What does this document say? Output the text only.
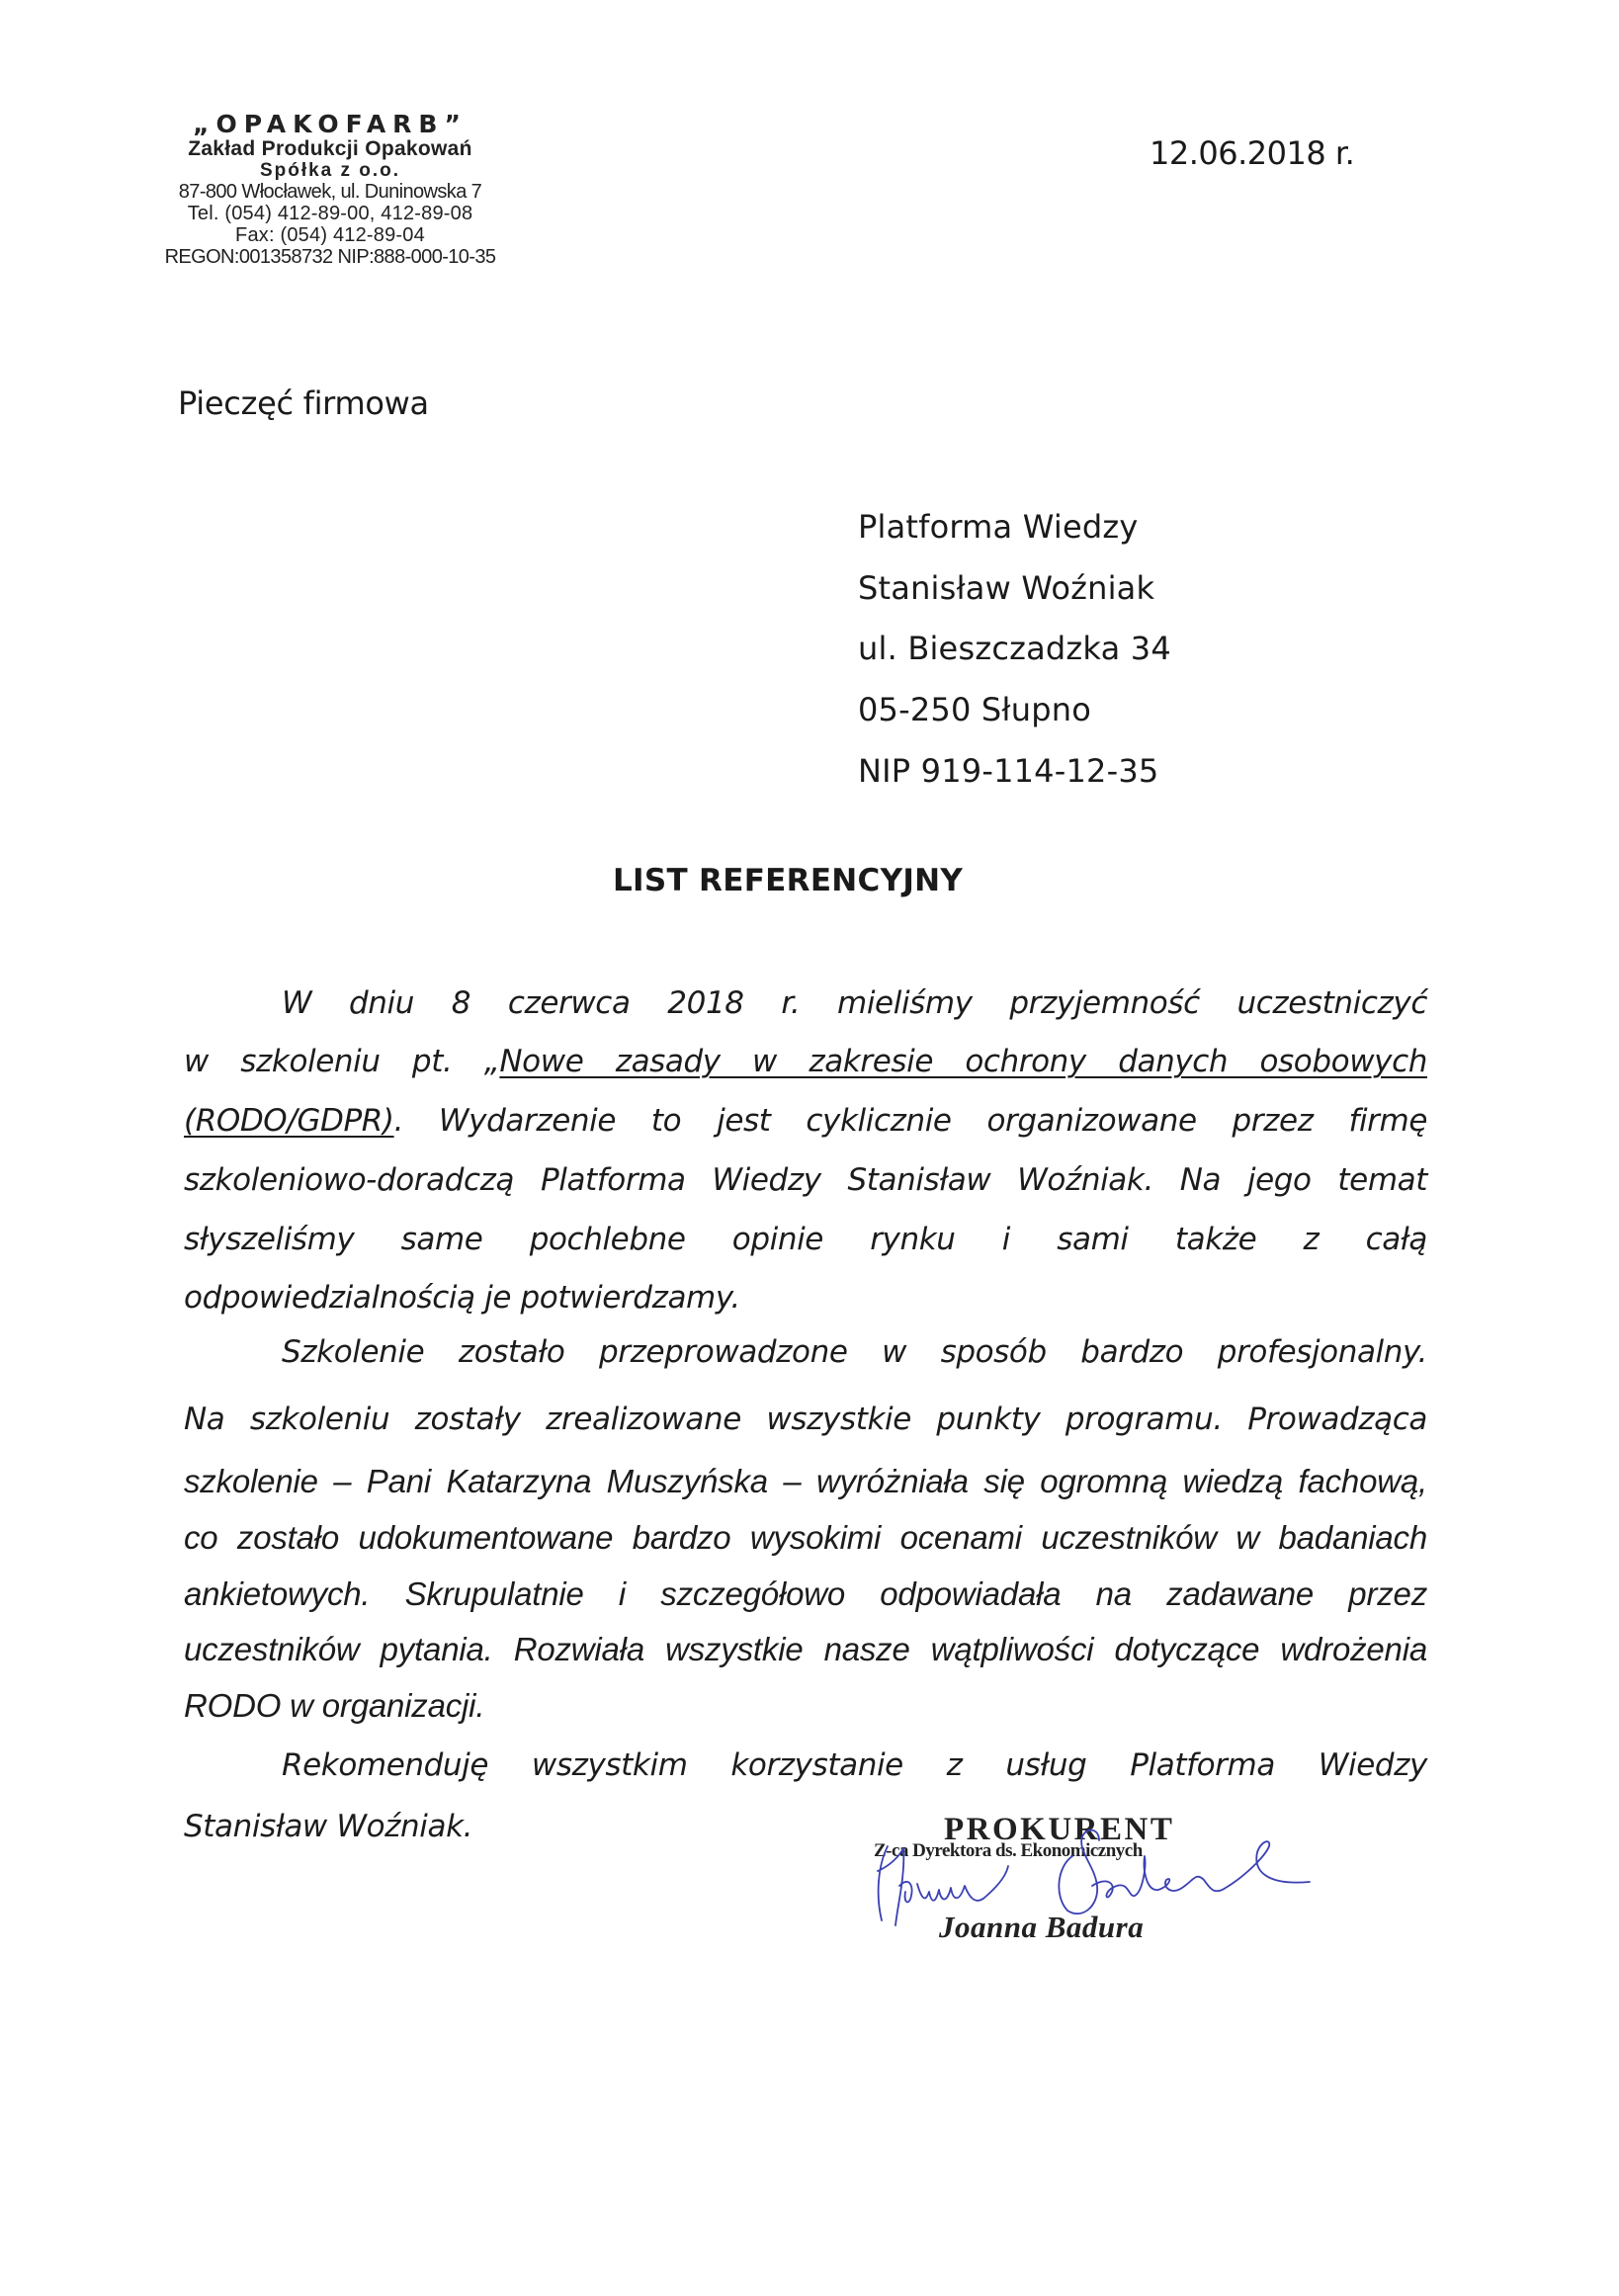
„OPAKOFARB”
Zakład Produkcji Opakowań
Spółka z o.o.
87-800 Włocławek, ul. Duninowska 7
Tel. (054) 412-89-00, 412-89-08
Fax: (054) 412-89-04
REGON:001358732 NIP:888-000-10-35
12.06.2018 r.
Pieczęć firmowa
Platforma Wiedzy
Stanisław Woźniak
ul. Bieszczadzka 34
05-250 Słupno
NIP 919-114-12-35
LIST REFERENCYJNY
W dniu 8 czerwca 2018 r. mieliśmy przyjemność uczestniczyć
w szkoleniu pt. „Nowe zasady w zakresie ochrony danych osobowych
(RODO/GDPR). Wydarzenie to jest cyklicznie organizowane przez firmę
szkoleniowo-doradczą Platforma Wiedzy Stanisław Woźniak. Na jego temat
słyszeliśmy same pochlebne opinie rynku i sami także z całą
odpowiedzialnością je potwierdzamy.
Szkolenie zostało przeprowadzone w sposób bardzo profesjonalny.
Na szkoleniu zostały zrealizowane wszystkie punkty programu. Prowadząca
szkolenie – Pani Katarzyna Muszyńska – wyróżniała się ogromną wiedzą fachową,
co zostało udokumentowane bardzo wysokimi ocenami uczestników w badaniach
ankietowych. Skrupulatnie i szczegółowo odpowiadała na zadawane przez
uczestników pytania. Rozwiała wszystkie nasze wątpliwości dotyczące wdrożenia
RODO w organizacji.
Rekomenduję wszystkim korzystanie z usług Platforma Wiedzy
Stanisław Woźniak.	PROKURENT
Z-ca Dyrektora ds. Ekonomicznych
Joanna Badura
